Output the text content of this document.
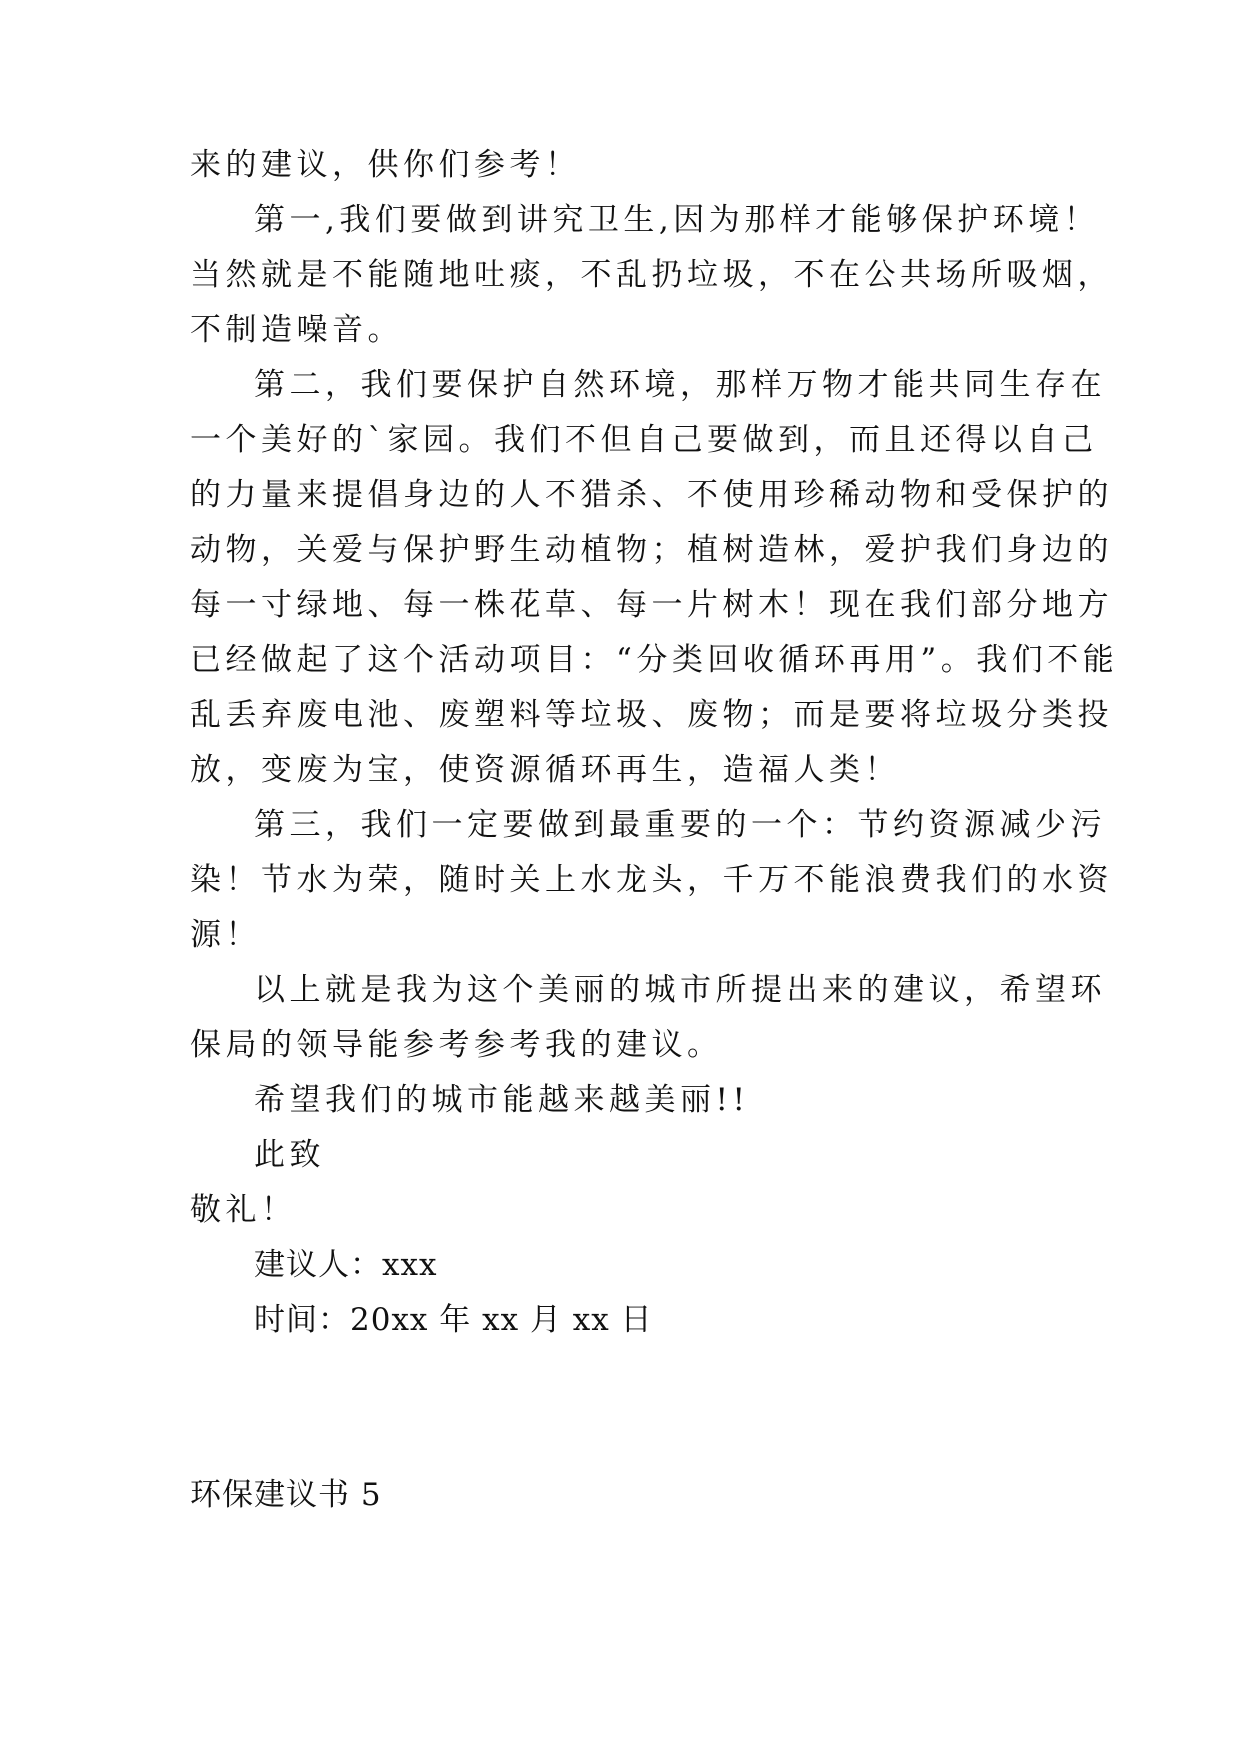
来的建议，供你们参考！
第一,我们要做到讲究卫生,因为那样才能够保护环境！
当然就是不能随地吐痰，不乱扔垃圾，不在公共场所吸烟，
不制造噪音。
第二，我们要保护自然环境，那样万物才能共同生存在
一个美好的`家园。我们不但自己要做到，而且还得以自己
的力量来提倡身边的人不猎杀、不使用珍稀动物和受保护的
动物，关爱与保护野生动植物；植树造林，爱护我们身边的
每一寸绿地、每一株花草、每一片树木！现在我们部分地方
已经做起了这个活动项目：“分类回收循环再用”。我们不能
乱丢弃废电池、废塑料等垃圾、废物；而是要将垃圾分类投
放，变废为宝，使资源循环再生，造福人类！
第三，我们一定要做到最重要的一个：节约资源减少污
染！节水为荣，随时关上水龙头，千万不能浪费我们的水资
源！
以上就是我为这个美丽的城市所提出来的建议，希望环
保局的领导能参考参考我的建议。
希望我们的城市能越来越美丽!!
此致
敬礼！
建议人：xxx
时间：20xx 年 xx 月 xx 日
环保建议书 5
